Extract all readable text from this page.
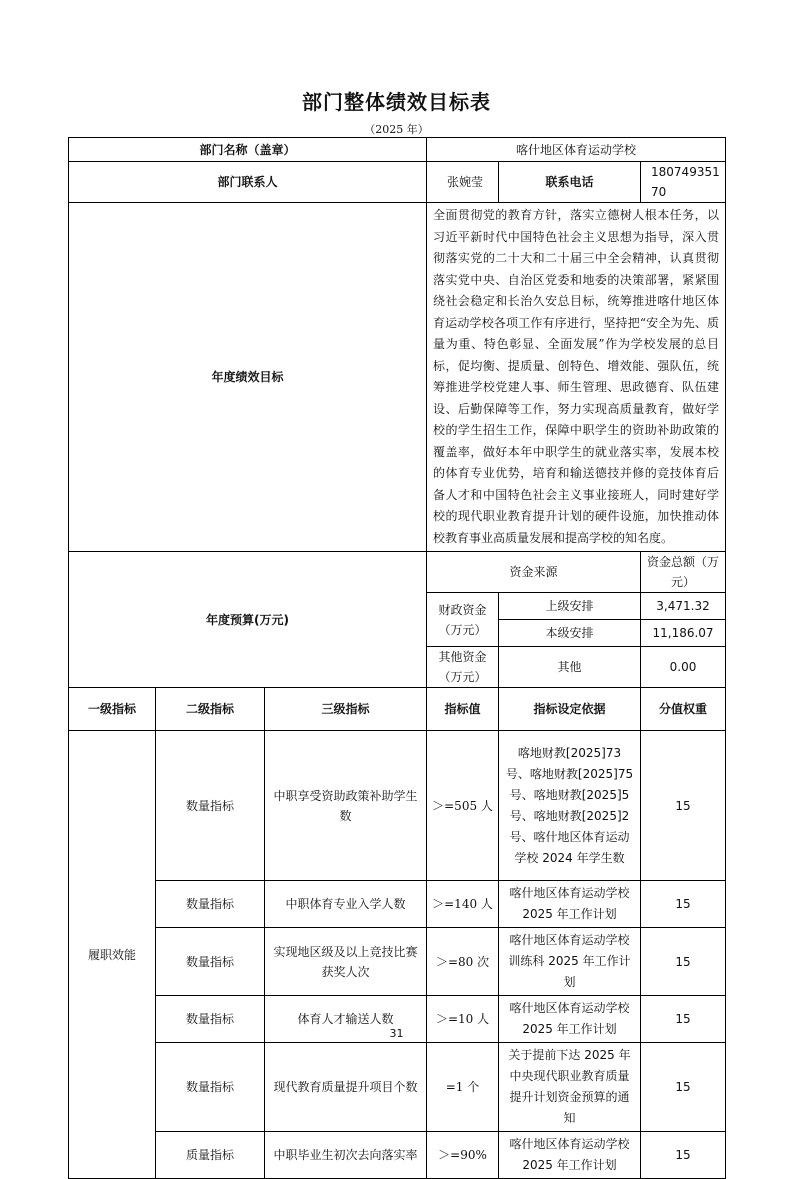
部门整体绩效目标表
（2025 年）
部门名称（盖章）			喀什地区体育运动学校		
部门联系人			张婉莹	联系电话	18074935170
年度绩效目标			全面贯彻党的教育方针，落实立德树人根本任务，以习近平新时代中国特色社会主义思想为指导，深入贯彻落实党的二十大和二十届三中全会精神，认真贯彻落实党中央、自治区党委和地委的决策部署，紧紧围绕社会稳定和长治久安总目标，统筹推进喀什地区体育运动学校各项工作有序进行，坚持把“安全为先、质量为重、特色彰显、全面发展”作为学校发展的总目标，促均衡、提质量、创特色、增效能、强队伍，统筹推进学校党建人事、师生管理、思政德育、队伍建设、后勤保障等工作，努力实现高质量教育，做好学校的学生招生工作，保障中职学生的资助补助政策的覆盖率，做好本年中职学生的就业落实率，发展本校的体育专业优势，培育和输送德技并修的竞技体育后备人才和中国特色社会主义事业接班人，同时建好学校的现代职业教育提升计划的硬件设施，加快推动体校教育事业高质量发展和提高学校的知名度。		
年度预算(万元)			资金来源		资金总额（万元）
			财政资金（万元）	上级安排	3,471.32
				本级安排	11,186.07
			其他资金（万元）	其他	0.00
一级指标	二级指标	三级指标	指标值	指标设定依据	分值权重
履职效能	数量指标	中职享受资助政策补助学生数	＞=505 人	喀地财教[2025]73 号、喀地财教[2025]75 号、喀地财教[2025]5 号、喀地财教[2025]2 号、喀什地区体育运动学校 2024 年学生数	15
	数量指标	中职体育专业入学人数	＞=140 人	喀什地区体育运动学校 2025 年工作计划	15
	数量指标	实现地区级及以上竞技比赛获奖人次	＞=80 次	喀什地区体育运动学校训练科 2025 年工作计划	15
	数量指标	体育人才输送人数	＞=10 人	喀什地区体育运动学校 2025 年工作计划	15
	数量指标	现代教育质量提升项目个数	=1 个	关于提前下达 2025 年中央现代职业教育质量提升计划资金预算的通知	15
	质量指标	中职毕业生初次去向落实率	＞=90%	喀什地区体育运动学校 2025 年工作计划	15
31
